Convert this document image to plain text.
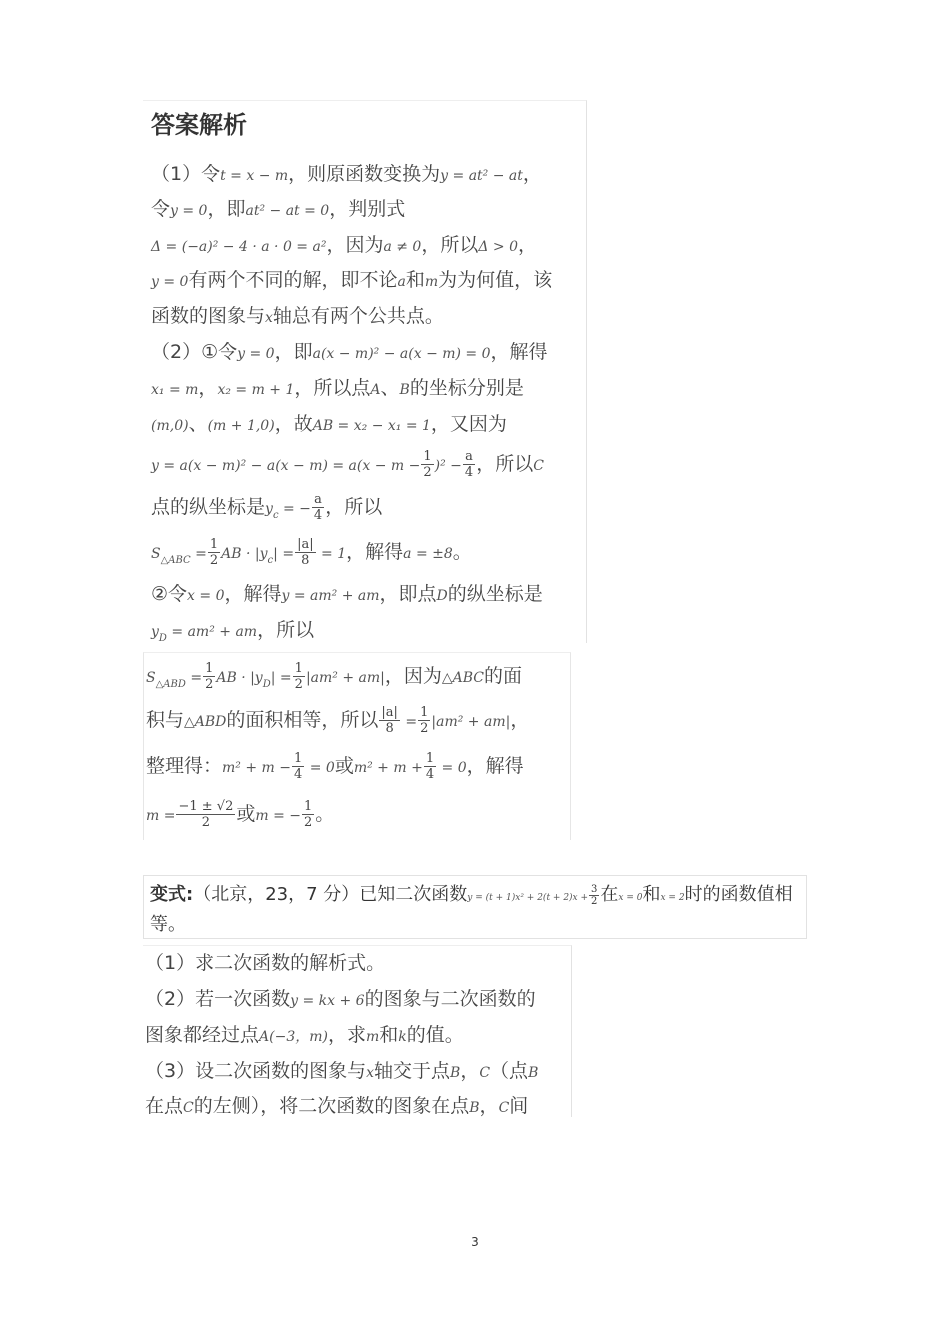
答案解析
（1）令t = x − m，则原函数变换为y = at² − at，
令y = 0，即at² − at = 0，判别式
Δ = (−a)² − 4 · a · 0 = a²，因为a ≠ 0，所以Δ > 0，
y = 0有两个不同的解，即不论a和m为为何值，该
函数的图象与x轴总有两个公共点。
（2）①令y = 0，即a(x − m)² − a(x − m) = 0，解得
x₁ = m，x₂ = m + 1，所以点A、B的坐标分别是
(m,0)、(m + 1,0)，故AB = x₂ − x₁ = 1，又因为
$y = a(x - m)^2 - a(x - m) = a(x - m - \frac{1}{2} )^2 - \frac{a}{4}$ ，所以C
点的纵坐标是$y_c$ = − $\frac{a}{4}$ ，所以
$S_{\triangle ABC} = \frac{1}{2}$ AB · $|y_c| = \frac{|a|}{8} = 1$，解得a = ±8。
②令x = 0，解得y = am² + am，即点D的纵坐标是
$y_D = am^2$ + am，所以
$S_{\triangle ABD} = \frac{1}{2}$ AB · $|y_D| = \frac{1}{2} |am^2 + am|$，因为△ABC的面
积与△ABD的面积相等，所以 $\frac{|a|}{8} = \frac{1}{2} |am^2 + am|$，
整理得：$m^2 + m - \frac{1}{4} = 0$或$m^2 + m + \frac{1}{4} = 0$，解得
$m = \frac{-1 \pm √2}{2}$ 或m = − $\frac{1}{2}$ 。
变式:（北京，23，7 分）已知二次函数$y = (t + 1)x^2 + 2(t + 2)x + \frac{3}{2}$ 在x = 0和x = 2时的函数值相
等。
（1）求二次函数的解析式。
（2）若一次函数y = kx + 6的图象与二次函数的
图象都经过点A(−3，m)，求m和k的值。
（3）设二次函数的图象与x轴交于点B，C（点B
在点C的左侧），将二次函数的图象在点B，C间
3
